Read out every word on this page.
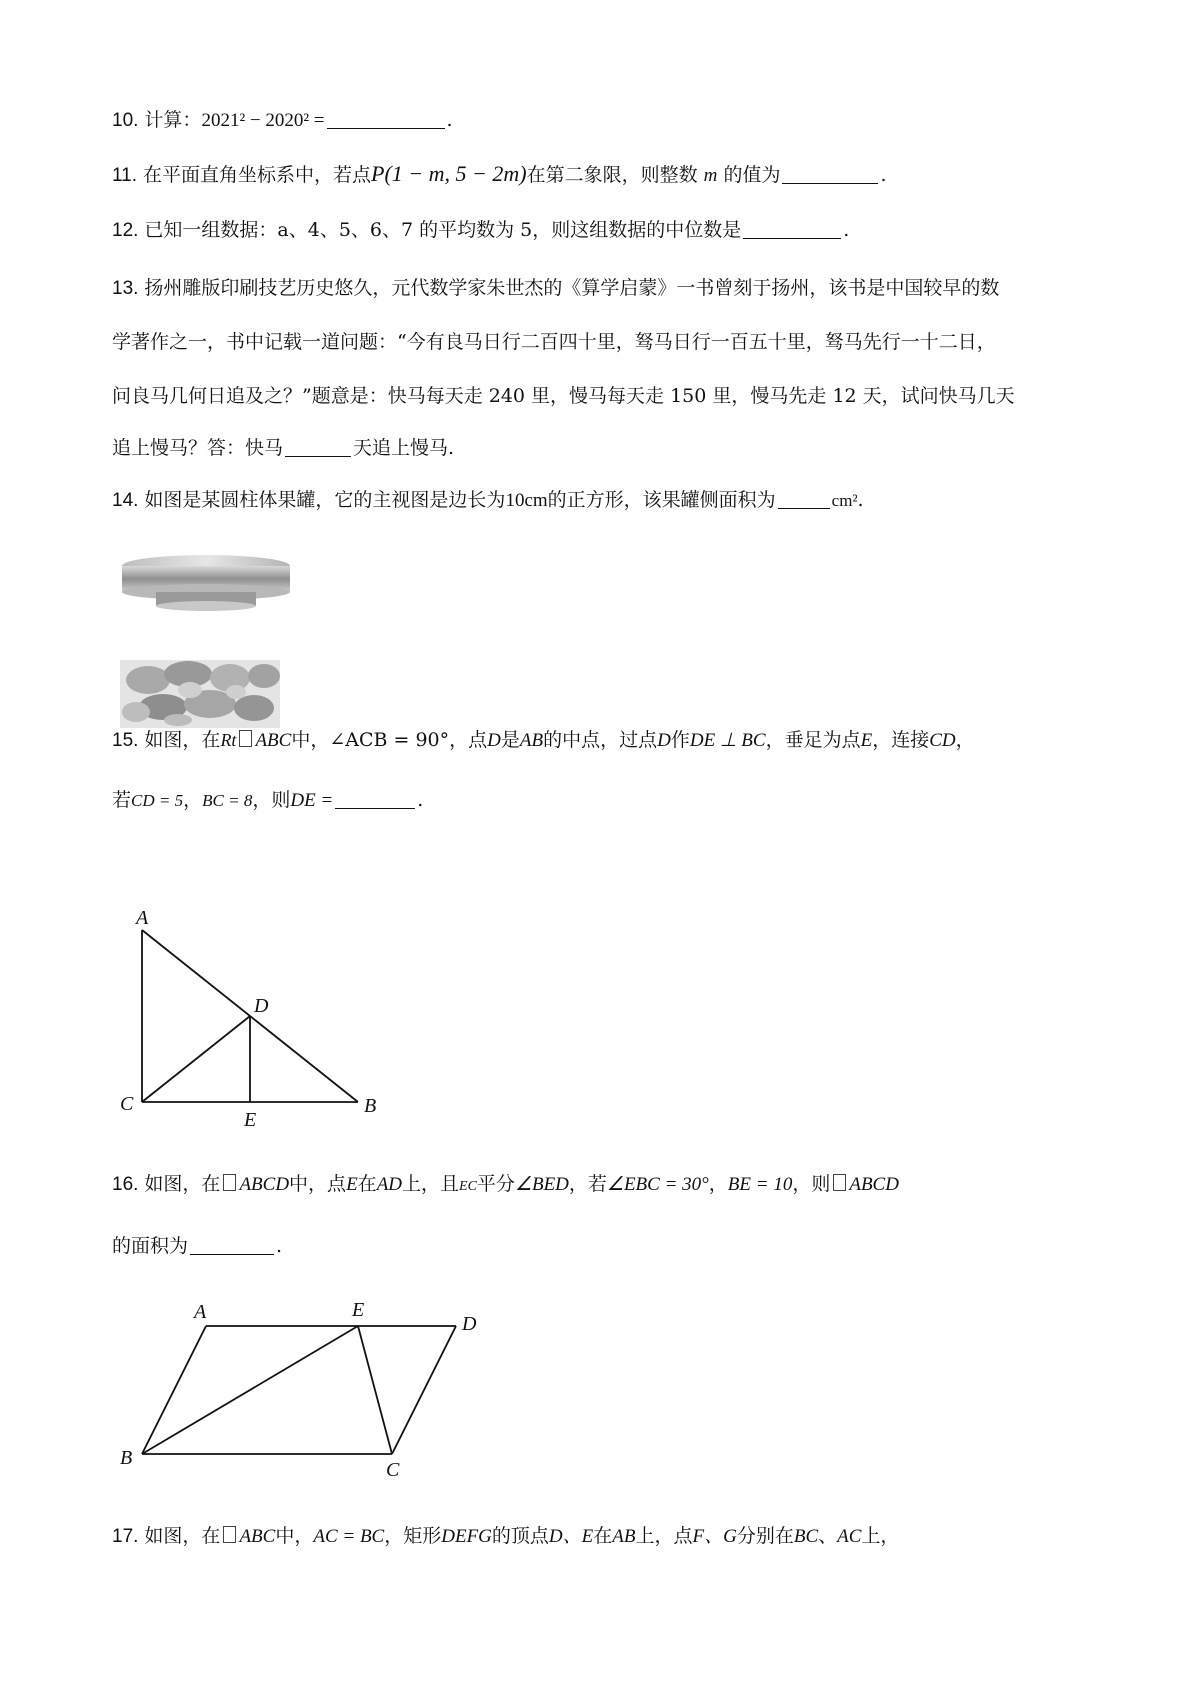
10. 计算：2021² − 2020² =	.
11. 在平面直角坐标系中，若点P(1 − m, 5 − 2m)在第二象限，则整数 m 的值为	.
12. 已知一组数据：a、4、5、6、7 的平均数为 5，则这组数据的中位数是	.
13. 扬州雕版印刷技艺历史悠久，元代数学家朱世杰的《算学启蒙》一书曾刻于扬州，该书是中国较早的数
学著作之一，书中记载一道问题：“今有良马日行二百四十里，驽马日行一百五十里，驽马先行一十二日，
问良马几何日追及之？”题意是：快马每天走 240 里，慢马每天走 150 里，慢马先走 12 天，试问快马几天
追上慢马？答：快马	天追上慢马.
14. 如图是某圆柱体果罐，它的主视图是边长为10cm的正方形，该果罐侧面积为	cm².
15. 如图，在Rt ABC中，∠ACB = 90°，点D是AB的中点，过点D作DE ⊥ BC，垂足为点E，连接CD，
若CD = 5，BC = 8，则DE =	.
A
D
C	B
E
16. 如图，在 ABCD中，点E在AD上，且EC平分∠BED，若∠EBC = 30°，BE = 10，则 ABCD
的面积为	.
A	E
D
B
C
17. 如图，在 ABC中，AC = BC，矩形DEFG的顶点D、E在AB上，点F、G分别在BC、AC上，
